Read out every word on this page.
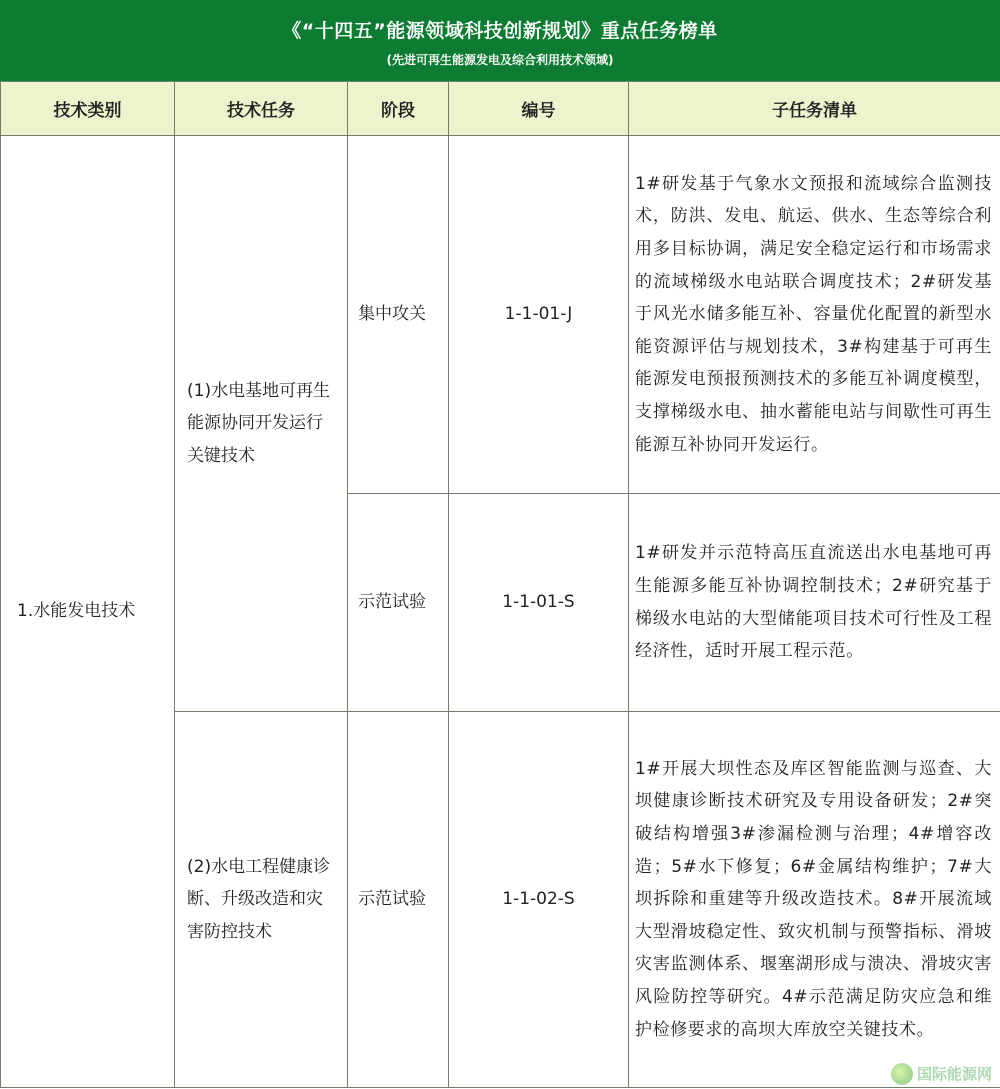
《“十四五”能源领域科技创新规划》重点任务榜单
(先进可再生能源发电及综合利用技术领域)
技术类别	技术任务	阶段	编号	子任务清单
1.水能发电技术	(1)水电基地可再生能源协同开发运行关键技术	集中攻关	1-1-01-J	1#研发基于气象水文预报和流域综合监测技术，防洪、发电、航运、供水、生态等综合利用多目标协调，满足安全稳定运行和市场需求的流域梯级水电站联合调度技术；2#研发基于风光水储多能互补、容量优化配置的新型水能资源评估与规划技术，3#构建基于可再生能源发电预报预测技术的多能互补调度模型，支撑梯级水电、抽水蓄能电站与间歇性可再生能源互补协同开发运行。
		示范试验	1-1-01-S	1#研发并示范特高压直流送出水电基地可再生能源多能互补协调控制技术；2#研究基于梯级水电站的大型储能项目技术可行性及工程经济性，适时开展工程示范。
	(2)水电工程健康诊断、升级改造和灾害防控技术	示范试验	1-1-02-S	1#开展大坝性态及库区智能监测与巡查、大坝健康诊断技术研究及专用设备研发；2#突破结构增强3#渗漏检测与治理；4#增容改造；5#水下修复；6#金属结构维护；7#大坝拆除和重建等升级改造技术。8#开展流域大型滑坡稳定性、致灾机制与预警指标、滑坡灾害监测体系、堰塞湖形成与溃决、滑坡灾害风险防控等研究。4#示范满足防灾应急和维护检修要求的高坝大库放空关键技术。
国际能源网
